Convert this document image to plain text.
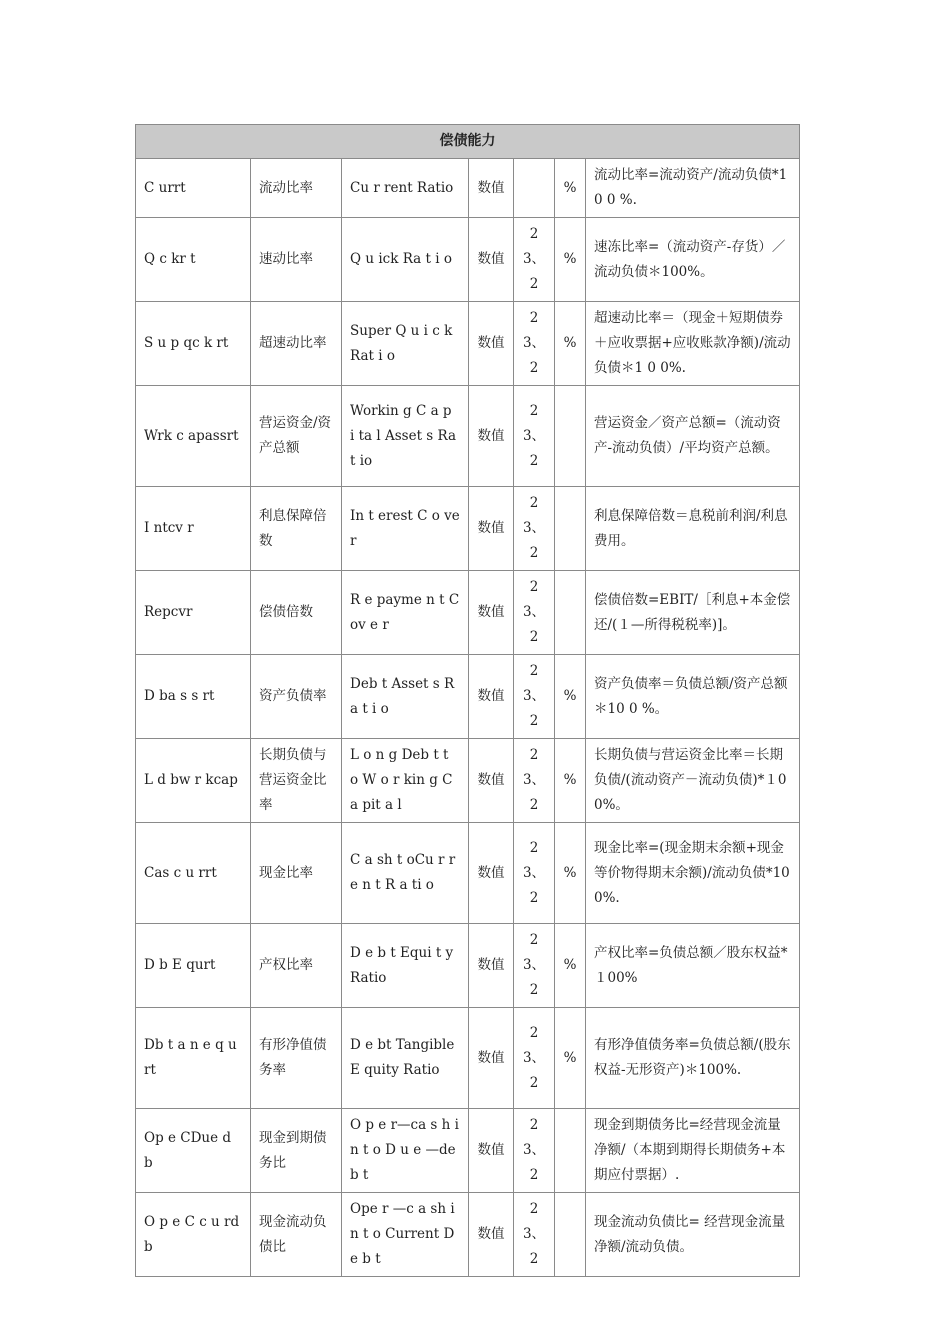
偿债能力						
C urrt	流动比率	Cu r rent Ratio	数值		%	流动比率=流动资产/流动负债*10 0 %.
Q c kr t	速动比率	Q u ick Ra t i o	数值	23、2	%	速冻比率=（流动资产-存货）／流动负债＊100%。
S u p qc k rt	超速动比率	Super Q u i c k Rat i o	数值	23、2	%	超速动比率＝（现金＋短期债券＋应收票据+应收账款净额)/流动负债＊1 0 0%.
Wrk c apassrt	营运资金/资产总额	Workin g C a p i ta l Asset s Ra t io	数值	23、2		营运资金／资产总额=（流动资产-流动负债）/平均资产总额。
I ntcv r	利息保障倍数	In t erest C o ver	数值	23、2		利息保障倍数＝息税前利润/利息费用。
Repcvr	偿债倍数	R e payme n t Cov e r	数值	23、2		偿债倍数=EBIT/［利息+本金偿还/(１—所得税税率)]。
D ba s s rt	资产负债率	Deb t Asset s Ra t i o	数值	23、2	%	资产负债率＝负债总额/资产总额＊10 0 %。
L d bw r kcap	长期负债与营运资金比率	L o n g Deb t t o W o r kin g C a pit a l	数值	23、2	%	长期负债与营运资金比率＝长期负债/(流动资产－流动负债)*１00%。
Cas c u rrt	现金比率	C a sh t oCu r re n t R a ti o	数值	23、2	%	现金比率=(现金期末余额+现金等价物得期末余额)/流动负债*100%.
D b E qurt	产权比率	D e b t Equi t y Ratio	数值	23、2	%	产权比率=负债总额／股东权益*１00%
Db t a n e q urt	有形净值债务率	D e bt Tangible E quity Ratio	数值	23、2	%	有形净值债务率=负债总额/(股东权益-无形资产)＊100%.
Op e CDue d b	现金到期债务比	O p e r—ca s h i n t o D u e —de b t	数值	23、2		现金到期债务比=经营现金流量净额/（本期到期得长期债务+本期应付票据）.
O p e C c u rdb	现金流动负债比	Ope r —c a sh i n t o Current De b t	数值	23、2		现金流动负债比= 经营现金流量净额/流动负债。
